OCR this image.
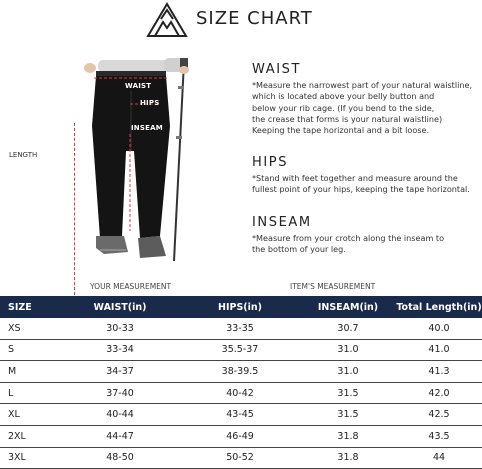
SIZE CHART
LENGTH
WAIST
HIPS
INSEAM
WAIST

*Measure the narrowest part of your natural waistline,
which is located above your belly button and
below your rib cage. (If you bend to the side,
the crease that forms is your natural waistline)
Keeping the tape horizontal and a bit loose.

HIPS

*Stand with feet together and measure around the
fullest point of your hips, keeping the tape horizontal.

INSEAM

*Measure from your crotch along the inseam to
the bottom of your leg.

YOUR MEASUREMENT	ITEM'S MEASUREMENT
SIZE	WAIST(in)	HIPS(in)	INSEAM(in)	Total Length(in)
XS	30-33	33-35	30.7	40.0
S	33-34	35.5-37	31.0	41.0
M	34-37	38-39.5	31.0	41.3
L	37-40	40-42	31.5	42.0
XL	40-44	43-45	31.5	42.5
2XL	44-47	46-49	31.8	43.5
3XL	48-50	50-52	31.8	44
